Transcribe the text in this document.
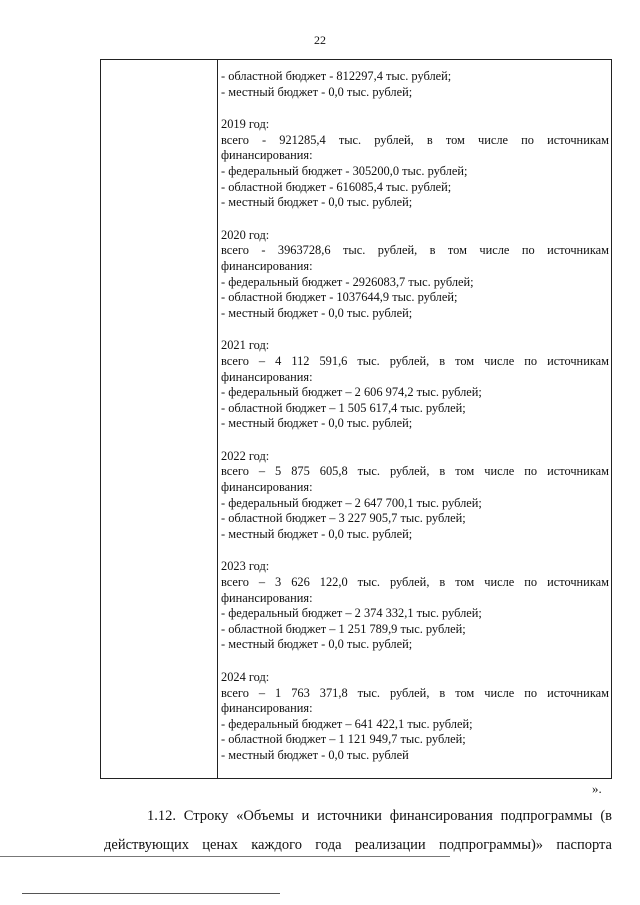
22
- областной бюджет - 812297,4 тыс. рублей;
- местный бюджет - 0,0 тыс. рублей;
2019 год:
всего - 921285,4 тыс. рублей, в том числе по источникам
финансирования:
- федеральный бюджет - 305200,0 тыс. рублей;
- областной бюджет - 616085,4 тыс. рублей;
- местный бюджет - 0,0 тыс. рублей;
2020 год:
всего - 3963728,6 тыс. рублей, в том числе по источникам
финансирования:
- федеральный бюджет - 2926083,7 тыс. рублей;
- областной бюджет - 1037644,9 тыс. рублей;
- местный бюджет - 0,0 тыс. рублей;
2021 год:
всего – 4 112 591,6 тыс. рублей, в том числе по источникам
финансирования:
- федеральный бюджет – 2 606 974,2 тыс. рублей;
- областной бюджет – 1 505 617,4 тыс. рублей;
- местный бюджет - 0,0 тыс. рублей;
2022 год:
всего – 5 875 605,8 тыс. рублей, в том числе по источникам
финансирования:
- федеральный бюджет – 2 647 700,1 тыс. рублей;
- областной бюджет – 3 227 905,7 тыс. рублей;
- местный бюджет - 0,0 тыс. рублей;
2023 год:
всего – 3 626 122,0 тыс. рублей, в том числе по источникам
финансирования:
- федеральный бюджет – 2 374 332,1 тыс. рублей;
- областной бюджет – 1 251 789,9 тыс. рублей;
- местный бюджет - 0,0 тыс. рублей;
2024 год:
всего – 1 763 371,8 тыс. рублей, в том числе по источникам
финансирования:
- федеральный бюджет – 641 422,1 тыс. рублей;
- областной бюджет – 1 121 949,7 тыс. рублей;
- местный бюджет - 0,0 тыс. рублей
».
1.12. Строку «Объемы и источники финансирования подпрограммы (в
действующих ценах каждого года реализации подпрограммы)» паспорта
